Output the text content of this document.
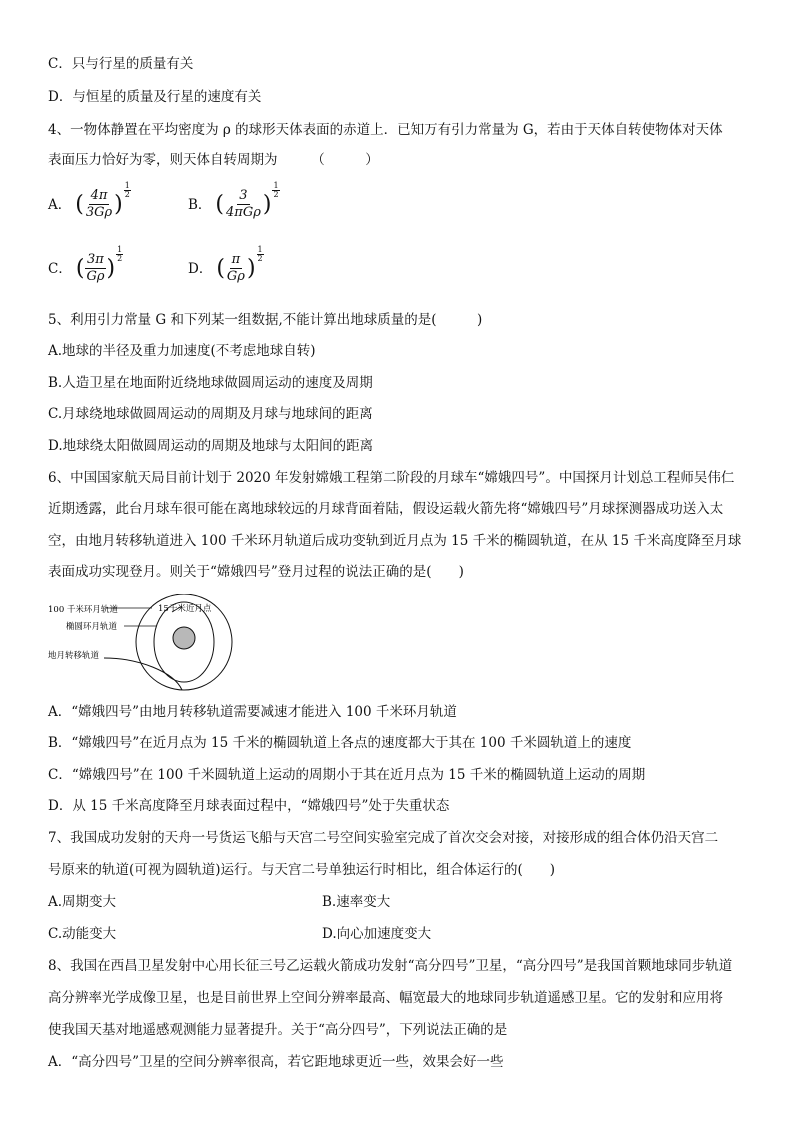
C．只与行星的质量有关
D．与恒星的质量及行星的速度有关
4、一物体静置在平均密度为 ρ 的球形天体表面的赤道上．已知万有引力常量为 G，若由于天体自转使物体对天体
表面压力恰好为零，则天体自转周期为　　　（　　　）
A． ( $\frac{4\pi}{3G\rho}$ )
$\frac{1}{2}$
B． ( $\frac{3}{\text{4πGρ}}$ )
$\frac{1}{2}$
C． ( $\frac{3\pi}{G\rho}$ )
$\frac{1}{2}$
D． ( $\frac{\pi}{G\rho}$ )
$\frac{1}{2}$
5、利用引力常量 G 和下列某一组数据,不能计算出地球质量的是(　　　)
A.地球的半径及重力加速度(不考虑地球自转)
B.人造卫星在地面附近绕地球做圆周运动的速度及周期
C.月球绕地球做圆周运动的周期及月球与地球间的距离
D.地球绕太阳做圆周运动的周期及地球与太阳间的距离
6、中国国家航天局目前计划于 2020 年发射嫦娥工程第二阶段的月球车“嫦娥四号”。中国探月计划总工程师吴伟仁
近期透露，此台月球车很可能在离地球较远的月球背面着陆，假设运载火箭先将“嫦娥四号”月球探测器成功送入太
空，由地月转移轨道进入 100 千米环月轨道后成功变轨到近月点为 15 千米的椭圆轨道，在从 15 千米高度降至月球
表面成功实现登月。则关于“嫦娥四号”登月过程的说法正确的是(　　)
100 千米环月轨道	15千米近月点
椭圆环月轨道
地月转移轨道
A．“嫦娥四号”由地月转移轨道需要减速才能进入 100 千米环月轨道
B．“嫦娥四号”在近月点为 15 千米的椭圆轨道上各点的速度都大于其在 100 千米圆轨道上的速度
C．“嫦娥四号”在 100 千米圆轨道上运动的周期小于其在近月点为 15 千米的椭圆轨道上运动的周期
D．从 15 千米高度降至月球表面过程中，“嫦娥四号”处于失重状态
7、我国成功发射的天舟一号货运飞船与天宫二号空间实验室完成了首次交会对接，对接形成的组合体仍沿天宫二
号原来的轨道(可视为圆轨道)运行。与天宫二号单独运行时相比，组合体运行的(　　)
A.周期变大	B.速率变大
C.动能变大	D.向心加速度变大
8、我国在西昌卫星发射中心用长征三号乙运载火箭成功发射“高分四号”卫星，“高分四号”是我国首颗地球同步轨道
高分辨率光学成像卫星，也是目前世界上空间分辨率最高、幅宽最大的地球同步轨道遥感卫星。它的发射和应用将
使我国天基对地遥感观测能力显著提升。关于“高分四号”，下列说法正确的是
A．“高分四号”卫星的空间分辨率很高，若它距地球更近一些，效果会好一些
